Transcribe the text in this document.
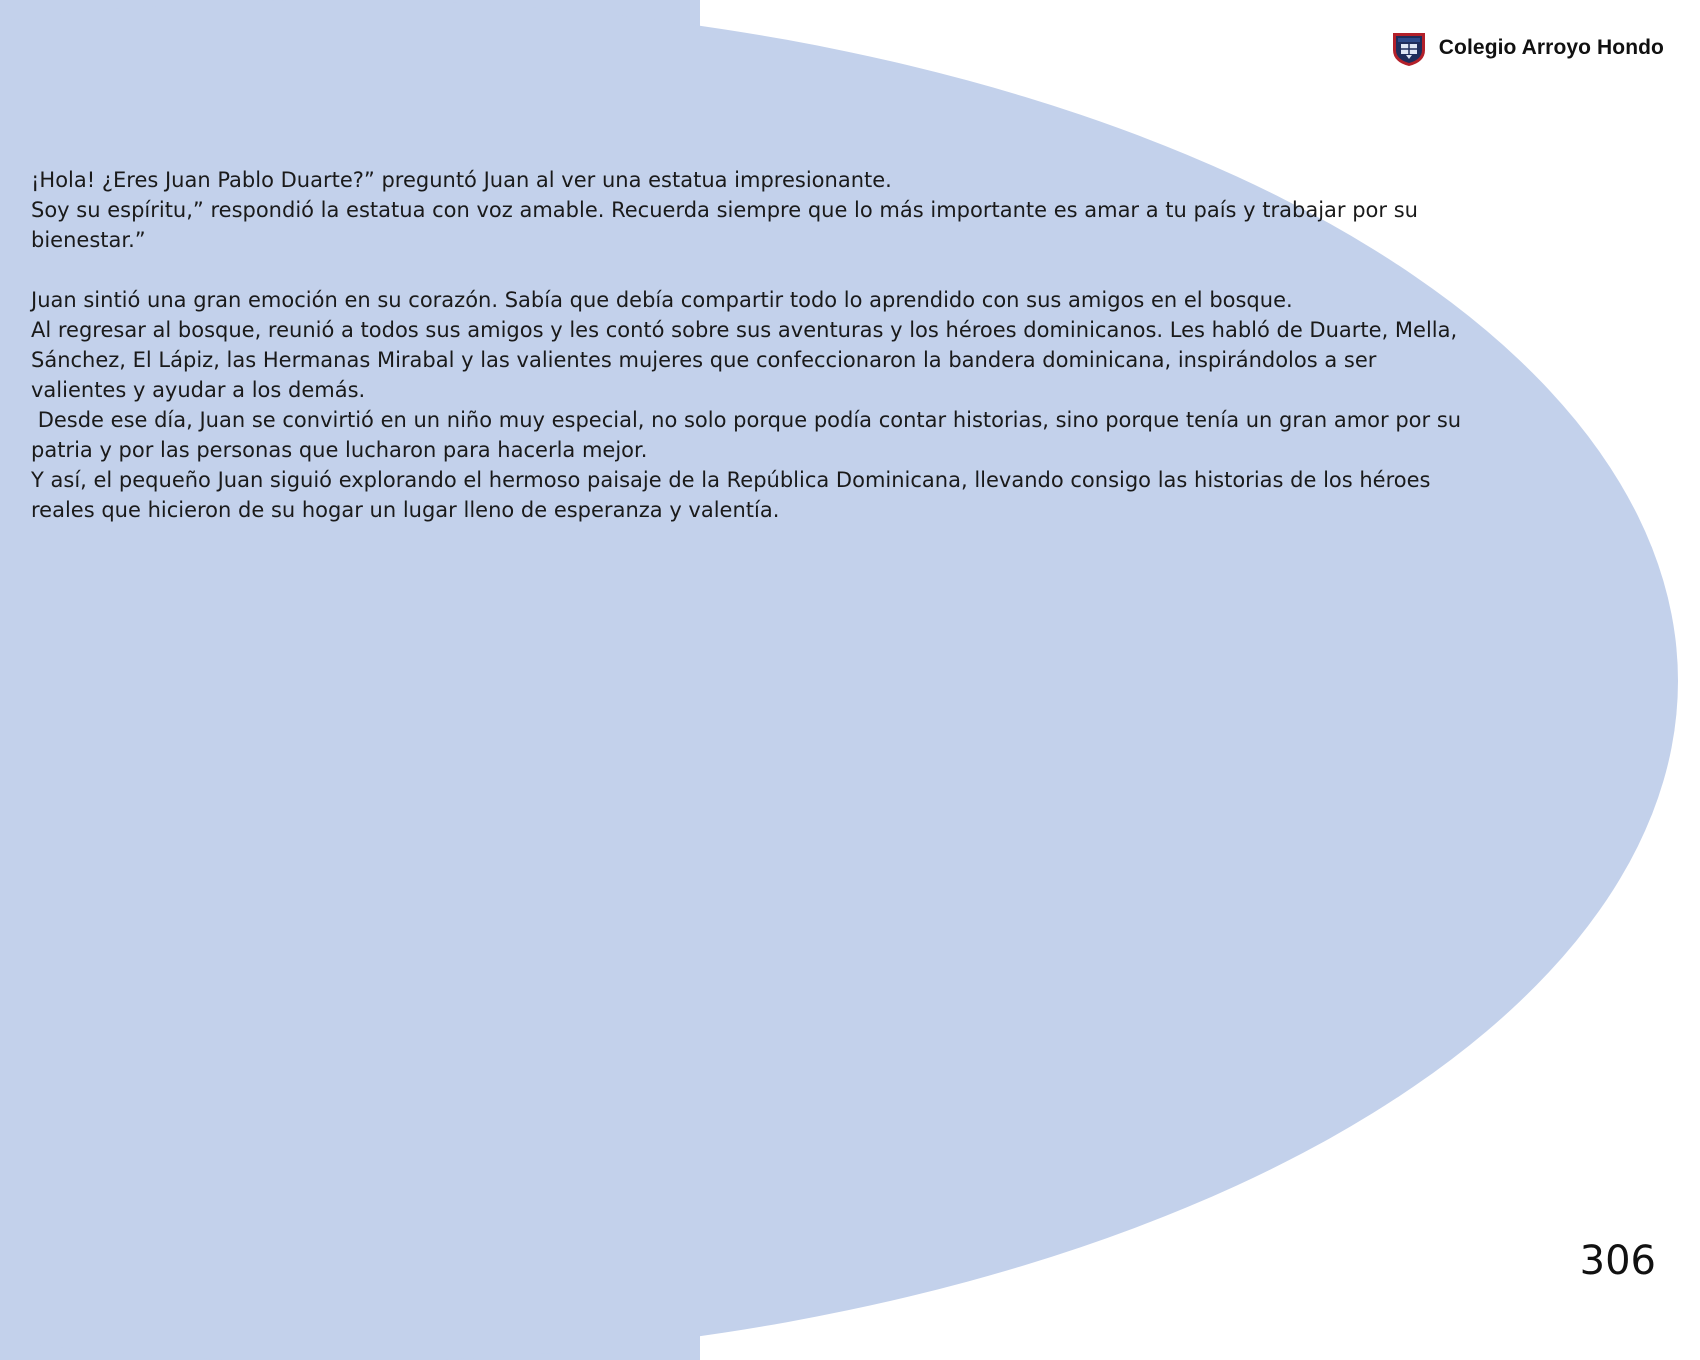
Colegio Arroyo Hondo

¡Hola! ¿Eres Juan Pablo Duarte?” preguntó Juan al ver una estatua impresionante.

Soy su espíritu,” respondió la estatua con voz amable. Recuerda siempre que lo más importante es amar a tu país y trabajar por su bienestar.”

Juan sintió una gran emoción en su corazón. Sabía que debía compartir todo lo aprendido con sus amigos en el bosque.

Al regresar al bosque, reunió a todos sus amigos y les contó sobre sus aventuras y los héroes dominicanos. Les habló de Duarte, Mella, Sánchez, El Lápiz, las Hermanas Mirabal y las valientes mujeres que confeccionaron la bandera dominicana, inspirándolos a ser valientes y ayudar a los demás.

Desde ese día, Juan se convirtió en un niño muy especial, no solo porque podía contar historias, sino porque tenía un gran amor por su patria y por las personas que lucharon para hacerla mejor.

Y así, el pequeño Juan siguió explorando el hermoso paisaje de la República Dominicana, llevando consigo las historias de los héroes reales que hicieron de su hogar un lugar lleno de esperanza y valentía.

306
